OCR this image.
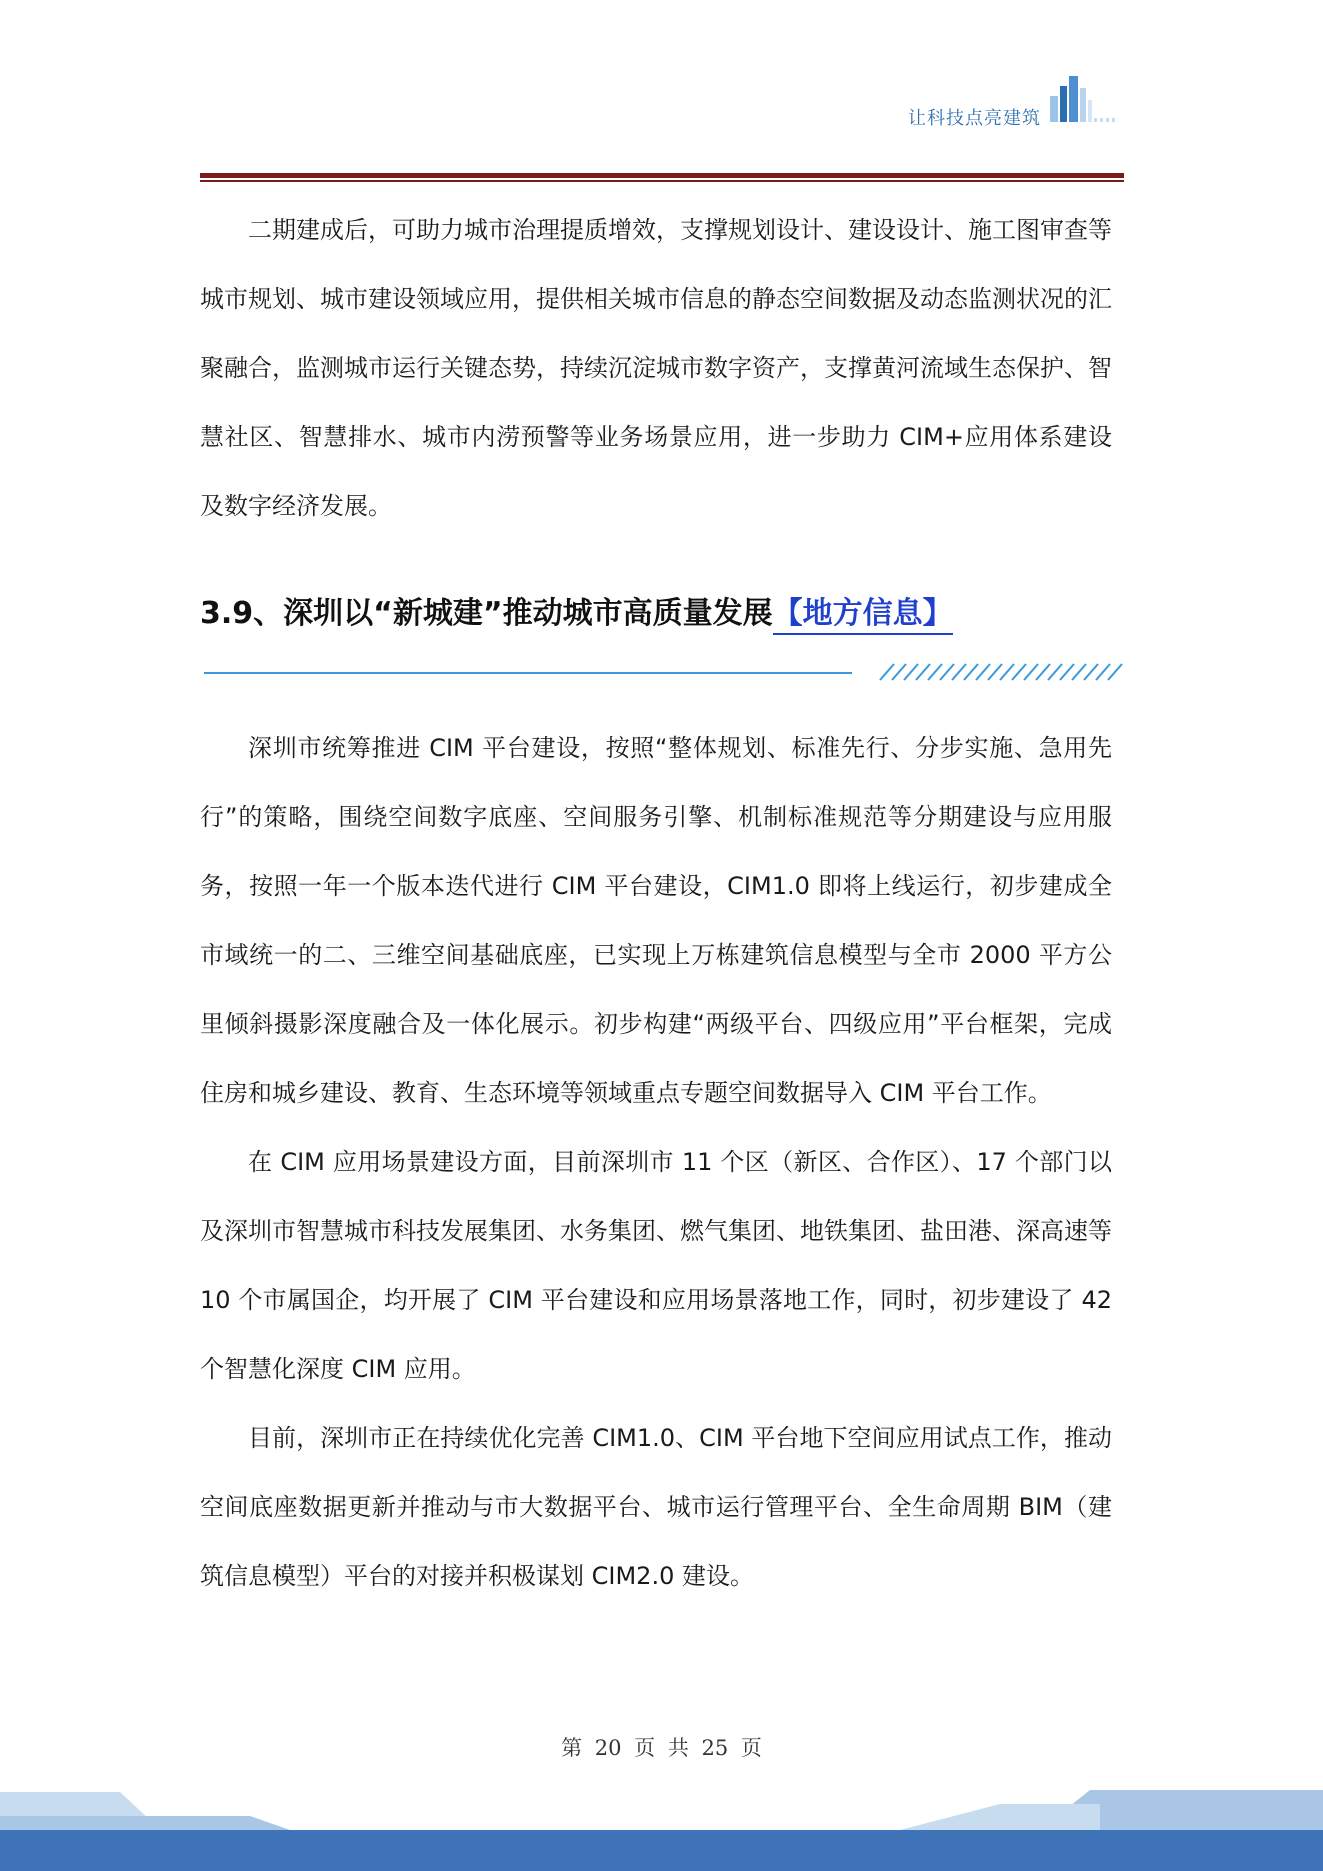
让科技点亮建筑

二期建成后，可助力城市治理提质增效，支撑规划设计、建设设计、施工图审查等城市规划、城市建设领域应用，提供相关城市信息的静态空间数据及动态监测状况的汇聚融合，监测城市运行关键态势，持续沉淀城市数字资产，支撑黄河流域生态保护、智慧社区、智慧排水、城市内涝预警等业务场景应用，进一步助力 CIM+应用体系建设及数字经济发展。

3.9、深圳以“新城建”推动城市高质量发展【地方信息】

深圳市统筹推进 CIM 平台建设，按照“整体规划、标准先行、分步实施、急用先行”的策略，围绕空间数字底座、空间服务引擎、机制标准规范等分期建设与应用服务，按照一年一个版本迭代进行 CIM 平台建设，CIM1.0 即将上线运行，初步建成全市域统一的二、三维空间基础底座，已实现上万栋建筑信息模型与全市 2000 平方公里倾斜摄影深度融合及一体化展示。初步构建“两级平台、四级应用”平台框架，完成住房和城乡建设、教育、生态环境等领域重点专题空间数据导入 CIM 平台工作。

在 CIM 应用场景建设方面，目前深圳市 11 个区（新区、合作区）、17 个部门以及深圳市智慧城市科技发展集团、水务集团、燃气集团、地铁集团、盐田港、深高速等 10 个市属国企，均开展了 CIM 平台建设和应用场景落地工作，同时，初步建设了 42 个智慧化深度 CIM 应用。

目前，深圳市正在持续优化完善 CIM1.0、CIM 平台地下空间应用试点工作，推动空间底座数据更新并推动与市大数据平台、城市运行管理平台、全生命周期 BIM（建筑信息模型）平台的对接并积极谋划 CIM2.0 建设。

第 20 页 共 25 页
